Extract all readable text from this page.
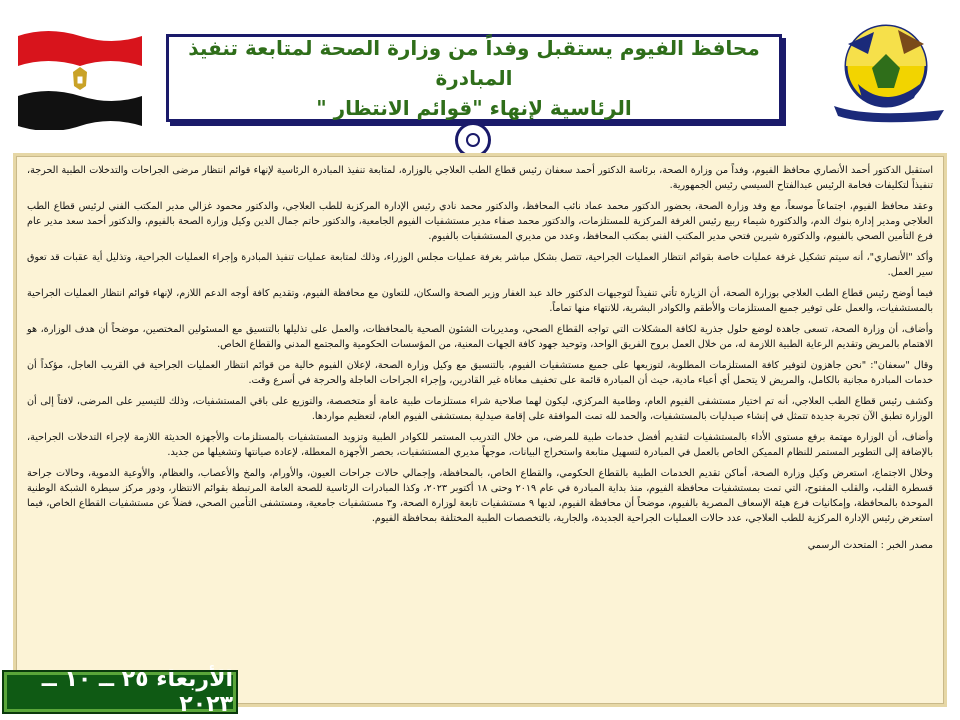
محافظ الفيوم يستقبل وفداً من وزارة الصحة لمتابعة تنفيذ المبادرة
الرئاسية لإنهاء "قوائم الانتظار "

استقبل الدكتور أحمد الأنصاري محافظ الفيوم، وفداً من وزارة الصحة، برئاسة الدكتور أحمد سعفان رئيس قطاع الطب العلاجي بالوزارة، لمتابعة تنفيذ المبادرة الرئاسية لإنهاء قوائم انتظار مرضى الجراحات والتدخلات الطبية الحرجة، تنفيذاً لتكليفات فخامة الرئيس عبدالفتاح السيسي رئيس الجمهورية.

وعقد محافظ الفيوم، اجتماعاً موسعاً، مع وفد وزارة الصحة، بحضور الدكتور محمد عماد نائب المحافظ، والدكتور محمد نادي رئيس الإدارة المركزية للطب العلاجي، والدكتور محمود غزالي مدير المكتب الفني لرئيس قطاع الطب العلاجي ومدير إدارة بنوك الدم، والدكتورة شيماء ربيع رئيس الغرفة المركزية للمستلزمات، والدكتور محمد صفاء مدير مستشفيات الفيوم الجامعية، والدكتور حاتم جمال الدين وكيل وزارة الصحة بالفيوم، والدكتور أحمد سعد مدير عام فرع التأمين الصحي بالفيوم، والدكتورة شيرين فتحي مدير المكتب الفني بمكتب المحافظ، وعدد من مديري المستشفيات بالفيوم.

وأكد "الأنصاري"، أنه سيتم تشكيل غرفة عمليات خاصة بقوائم انتظار العمليات الجراحية، تتصل بشكل مباشر بغرفة عمليات مجلس الوزراء، وذلك لمتابعة عمليات تنفيذ المبادرة وإجراء العمليات الجراحية، وتذليل أية عقبات قد تعوق سير العمل.

فيما أوضح رئيس قطاع الطب العلاجي بوزارة الصحة، أن الزيارة تأتي تنفيذاً لتوجيهات الدكتور خالد عبد الغفار وزير الصحة والسكان، للتعاون مع محافظة الفيوم، وتقديم كافة أوجه الدعم اللازم، لإنهاء قوائم انتظار العمليات الجراحية بالمستشفيات، والعمل على توفير جميع المستلزمات والأطقم والكوادر البشرية، للانتهاء منها تماماً.

وأضاف، أن وزارة الصحة، تسعى جاهدة لوضع حلول جذرية لكافة المشكلات التي تواجه القطاع الصحي، ومديريات الشئون الصحية بالمحافظات، والعمل على تذليلها بالتنسيق مع المسئولين المختصين، موضحاً أن هدف الوزارة، هو الاهتمام بالمريض وتقديم الرعاية الطبية اللازمة له، من خلال العمل بروح الفريق الواحد، وتوحيد جهود كافة الجهات المعنية، من المؤسسات الحكومية والمجتمع المدني والقطاع الخاص.

وقال "سعفان": "نحن جاهزون لتوفير كافة المستلزمات المطلوبة، لتوزيعها على جميع مستشفيات الفيوم، بالتنسيق مع وكيل وزارة الصحة، لإعلان الفيوم خالية من قوائم انتظار العمليات الجراحية في القريب العاجل، مؤكداً أن خدمات المبادرة مجانية بالكامل، والمريض لا يتحمل أي أعباء مادية، حيث أن المبادرة قائمة على تخفيف معاناة غير القادرين، وإجراء الجراحات العاجلة والحرجة في أسرع وقت.

وكشف رئيس قطاع الطب العلاجي، أنه تم اختيار مستشفى الفيوم العام، وطامية المركزي، ليكون لهما صلاحية شراء مستلزمات طبية عامة أو متخصصة، والتوزيع على باقي المستشفيات، وذلك للتيسير على المرضى، لافتاً إلى أن الوزارة تطبق الآن تجربة جديدة تتمثل في إنشاء صيدليات بالمستشفيات، والحمد لله تمت الموافقة على إقامة صيدلية بمستشفى الفيوم العام، لتعظيم مواردها.

وأضاف، أن الوزارة مهتمة برفع مستوى الأداء بالمستشفيات لتقديم أفضل خدمات طبية للمرضى، من خلال التدريب المستمر للكوادر الطبية وتزويد المستشفيات بالمستلزمات والأجهزة الحديثة اللازمة لإجراء التدخلات الجراحية، بالإضافة إلى التطوير المستمر للنظام المميكن الخاص بالعمل في المبادرة لتسهيل متابعة واستخراج البيانات، موجهاً مديري المستشفيات، بحصر الأجهزة المعطلة، لإعادة صيانتها وتشغيلها من جديد.

وخلال الاجتماع، استعرض وكيل وزارة الصحة، أماكن تقديم الخدمات الطبية بالقطاع الحكومي، والقطاع الخاص، بالمحافظة، وإجمالي حالات جراحات العيون، والأورام، والمخ والأعصاب، والعظام، والأوعية الدموية، وحالات جراحة قسطرة القلب، والقلب المفتوح، التي تمت بمستشفيات محافظة الفيوم، منذ بداية المبادرة في عام ٢٠١٩ وحتى ١٨ أكتوبر ٢٠٢٣، وكذا المبادرات الرئاسية للصحة العامة المرتبطة بقوائم الانتظار، ودور مركز سيطرة الشبكة الوطنية الموحدة بالمحافظة، وإمكانيات فرع هيئة الإسعاف المصرية بالفيوم، موضحاً أن محافظة الفيوم، لديها ٩ مستشفيات تابعة لوزارة الصحة، و٣ مستشفيات جامعية، ومستشفى التأمين الصحي، فضلاً عن مستشفيات القطاع الخاص، فيما استعرض رئيس الإدارة المركزية للطب العلاجي، عدد حالات العمليات الجراحية الجديدة، والجارية، بالتخصصات الطبية المختلفة بمحافظة الفيوم.

مصدر الخبر : المتحدث الرسمي

الأربعاء ٢٥ ــ ١٠ ــ ٢٠٢٣
